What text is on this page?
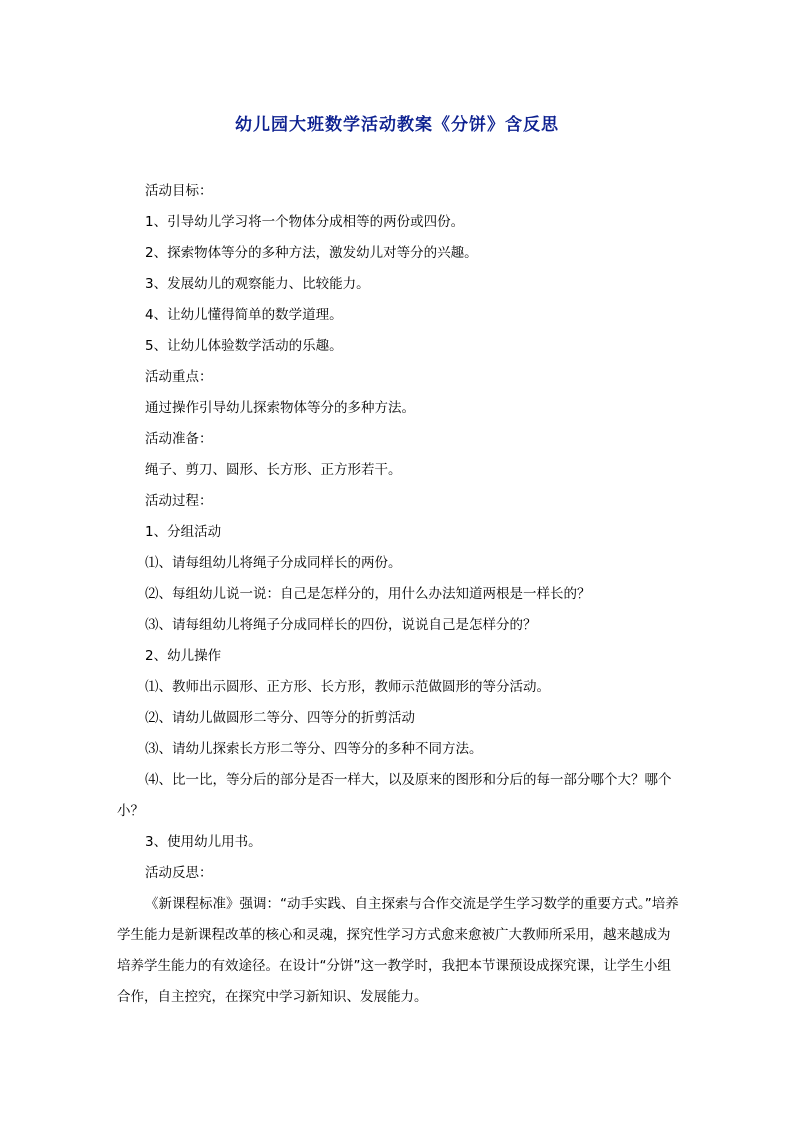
幼儿园大班数学活动教案《分饼》含反思

活动目标：

1、引导幼儿学习将一个物体分成相等的两份或四份。

2、探索物体等分的多种方法，激发幼儿对等分的兴趣。

3、发展幼儿的观察能力、比较能力。

4、让幼儿懂得简单的数学道理。

5、让幼儿体验数学活动的乐趣。

活动重点：

通过操作引导幼儿探索物体等分的多种方法。

活动准备：

绳子、剪刀、圆形、长方形、正方形若干。

活动过程：

1、分组活动

⑴、请每组幼儿将绳子分成同样长的两份。

⑵、每组幼儿说一说：自己是怎样分的，用什么办法知道两根是一样长的？

⑶、请每组幼儿将绳子分成同样长的四份，说说自己是怎样分的？

2、幼儿操作

⑴、教师出示圆形、正方形、长方形，教师示范做圆形的等分活动。

⑵、请幼儿做圆形二等分、四等分的折剪活动

⑶、请幼儿探索长方形二等分、四等分的多种不同方法。

⑷、比一比，等分后的部分是否一样大，以及原来的图形和分后的每一部分哪个大？哪个小？

3、使用幼儿用书。

活动反思：

《新课程标准》强调：“动手实践、自主探索与合作交流是学生学习数学的重要方式。”培养学生能力是新课程改革的核心和灵魂，探究性学习方式愈来愈被广大教师所采用，越来越成为培养学生能力的有效途径。在设计“分饼”这一教学时，我把本节课预设成探究课，让学生小组合作，自主控究，在探究中学习新知识、发展能力。
